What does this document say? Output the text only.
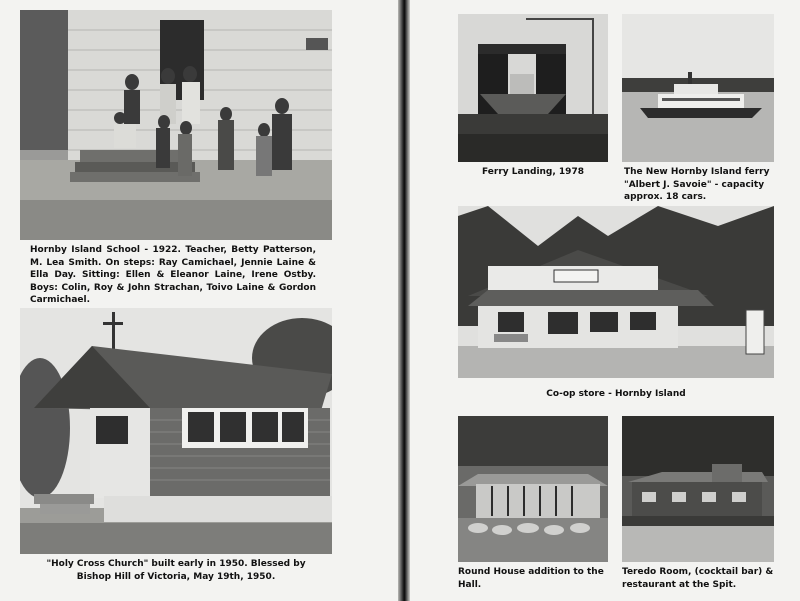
Hornby Island School - 1922. Teacher, Betty Patterson, M. Lea Smith. On steps: Ray Camichael, Jennie Laine & Ella Day. Sitting: Ellen & Eleanor Laine, Irene Ostby. Boys: Colin, Roy & John Strachan, Toivo Laine & Gordon Carmichael.

"Holy Cross Church" built early in 1950. Blessed by Bishop Hill of Victoria, May 19th, 1950.

Ferry Landing, 1978	The New Hornby Island ferry "Albert J. Savoie" - capacity approx. 18 cars.

Co-op store - Hornby Island

Round House addition to the Hall.

Teredo Room, (cocktail bar) & restaurant at the Spit.
